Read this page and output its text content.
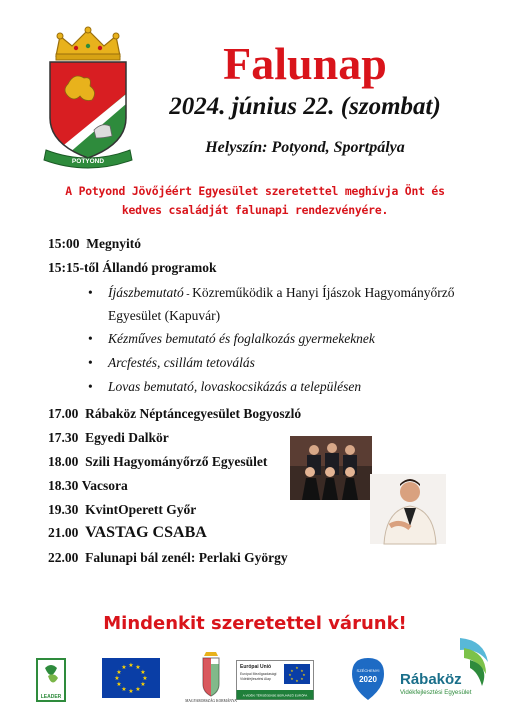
POTYOND
Falunap
2024. június 22. (szombat)
Helyszín: Potyond, Sportpálya
A Potyond Jövőjéért Egyesület szeretettel meghívja Önt és
kedves családját falunapi rendezvényére.
15:00 Megnyitó
15:15-től Állandó programok
• Íjászbemutató - Közreműködik a Hanyi Íjászok Hagyományőrző Egyesület (Kapuvár)
• Kézműves bemutató és foglalkozás gyermekeknek
• Arcfestés, csillám tetoválás
• Lovas bemutató, lovaskocsikázás a településen
17.00 Rábaköz Néptáncegyesület Bogyoszló
17.30 Egyedi Dalkör
18.00 Szili Hagyományőrző Egyesület
18.30 Vacsora
19.30 KvintOperett Győr
21.00 VASTAG CSABA
22.00 Falunapi bál zenél: Perlaki György
Mindenkit szeretettel várunk!
LEADER
★ ★
★
★
★
★
★
★
★
★
★
★
MAGYARORSZÁG KORMÁNYA
Európai Unió
Európai Mezőgazdasági
Vidékfejlesztési Alap
★
★
★
★
★
★
★
★
A VIDÉKI TÉRSÉGEKBE BERUHÁZÓ EURÓPA
SZÉCHENYI
2020 Rábaköz
Vidékfejlesztési Egyesület
